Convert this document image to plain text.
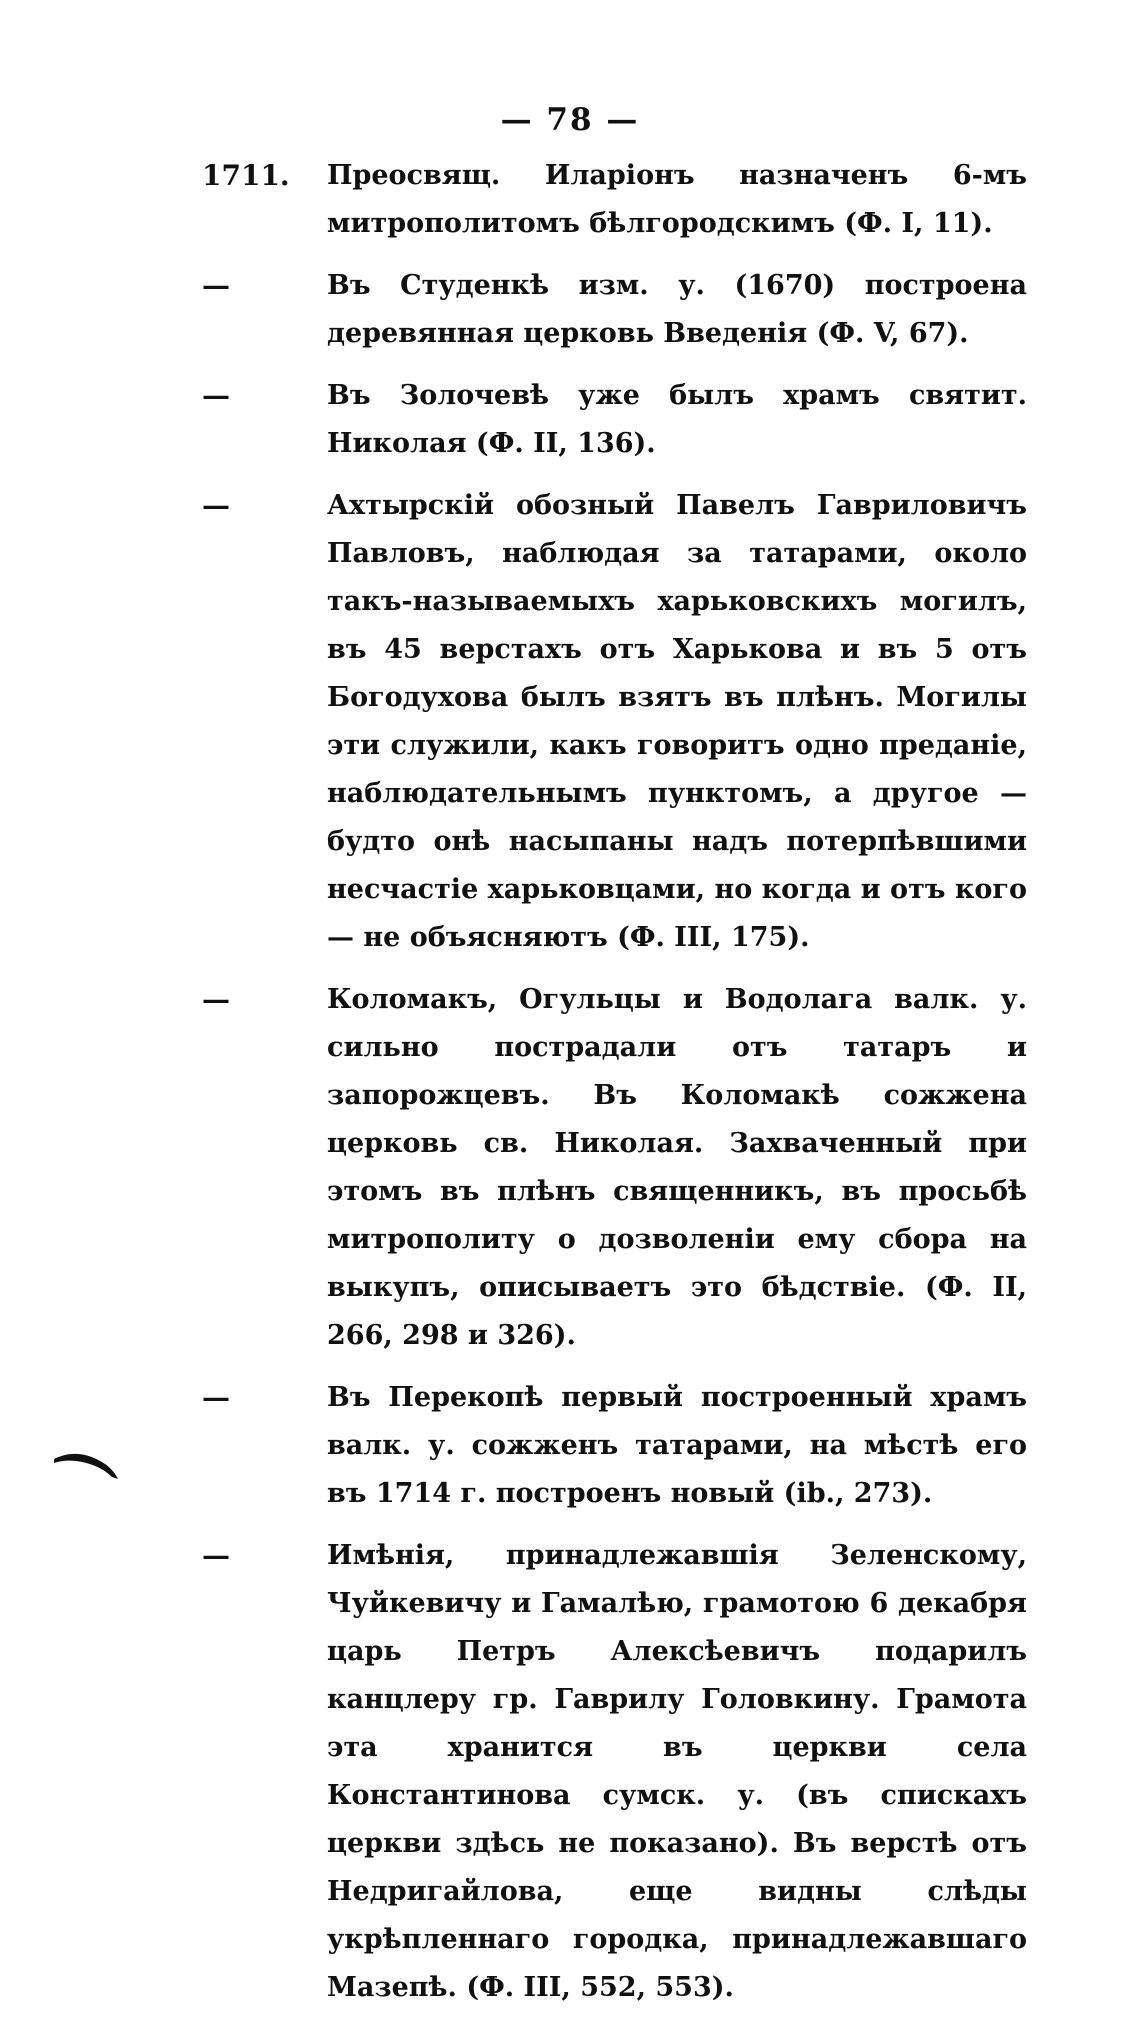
— 78 —
1711. Преосвящ. Иларіонъ назначенъ 6-мъ митрополитомъ бѣлгородскимъ (Ф. I, 11).
—	Въ Студенкѣ изм. у. (1670) построена деревянная церковь Введенія (Ф. V, 67).
—	Въ Золочевѣ уже былъ храмъ святит. Николая (Ф. II, 136).
—	Ахтырскій обозный Павелъ Гавриловичъ Павловъ, наблюдая за татарами, около такъ-называемыхъ харьковскихъ могилъ, въ 45 верстахъ отъ Харькова и въ 5 отъ Богодухова былъ взятъ въ плѣнъ. Могилы эти служили, какъ говоритъ одно преданіе, наблюдательнымъ пунктомъ, а другое — будто онѣ насыпаны надъ потерпѣвшими несчастіе харьковцами, но когда и отъ кого — не объясняютъ (Ф. III, 175).
—	Коломакъ, Огульцы и Водолага валк. у. сильно пострадали отъ татаръ и запорожцевъ. Въ Коломакѣ сожжена церковь св. Николая. Захваченный при этомъ въ плѣнъ священникъ, въ просьбѣ митрополиту о дозволеніи ему сбора на выкупъ, описываетъ это бѣдствіе. (Ф. II, 266, 298 и 326).
—	Въ Перекопѣ первый построенный храмъ валк. у. сожженъ татарами, на мѣстѣ его въ 1714 г. построенъ новый (ib., 273).
—	Имѣнія, принадлежавшія Зеленскому, Чуйкевичу и Гамалѣю, грамотою 6 декабря царь Петръ Алексѣевичъ подарилъ канцлеру гр. Гаврилу Головкину. Грамота эта хранится въ церкви села Константинова сумск. у. (въ спискахъ церкви здѣсь не показано). Въ верстѣ отъ Недригайлова, еще видны слѣды укрѣпленнаго городка, принадлежавшаго Мазепѣ. (Ф. III, 552, 553).
